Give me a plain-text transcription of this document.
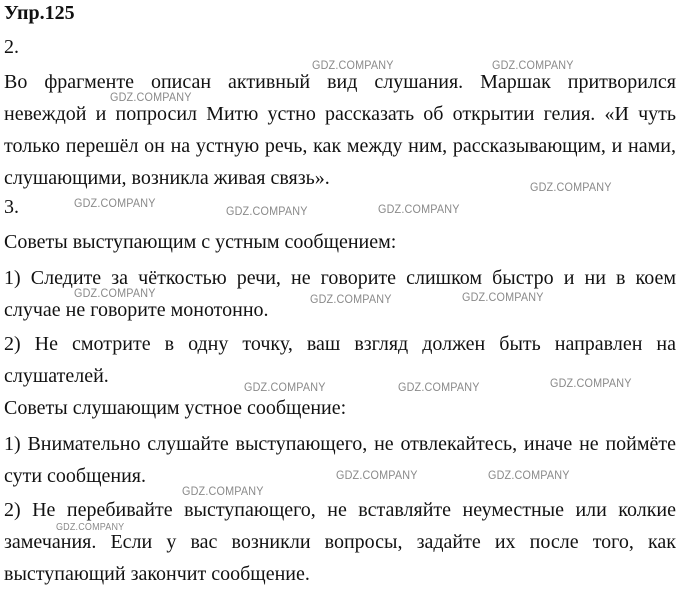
Упр.125
2.
Во фрагменте описан активный вид слушания. Маршак притворился невеждой и попросил Митю устно рассказать об открытии гелия. «И чуть только перешёл он на устную речь, как между ним, рассказывающим, и нами, слушающими, возникла живая связь».
3.
Советы выступающим с устным сообщением:
1) Следите за чёткостью речи, не говорите слишком быстро и ни в коем случае не говорите монотонно.
2) Не смотрите в одну точку, ваш взгляд должен быть направлен на слушателей.
Советы слушающим устное сообщение:
1) Внимательно слушайте выступающего, не отвлекайтесь, иначе не поймёте сути сообщения.
2) Не перебивайте выступающего, не вставляйте неуместные или колкие замечания. Если у вас возникли вопросы, задайте их после того, как выступающий закончит сообщение.
GDZ.COMPANY	GDZ.COMPANY
GDZ.COMPANY
GDZ.COMPANY
GDZ.COMPANY
GDZ.COMPANY	GDZ.COMPANY
GDZ.COMPANY	GDZ.COMPANY	GDZ.COMPANY
GDZ.COMPANY	GDZ.COMPANY	GDZ.COMPANY
GDZ.COMPANY	GDZ.COMPANY
GDZ.COMPANY
GDZ.COMPANY
